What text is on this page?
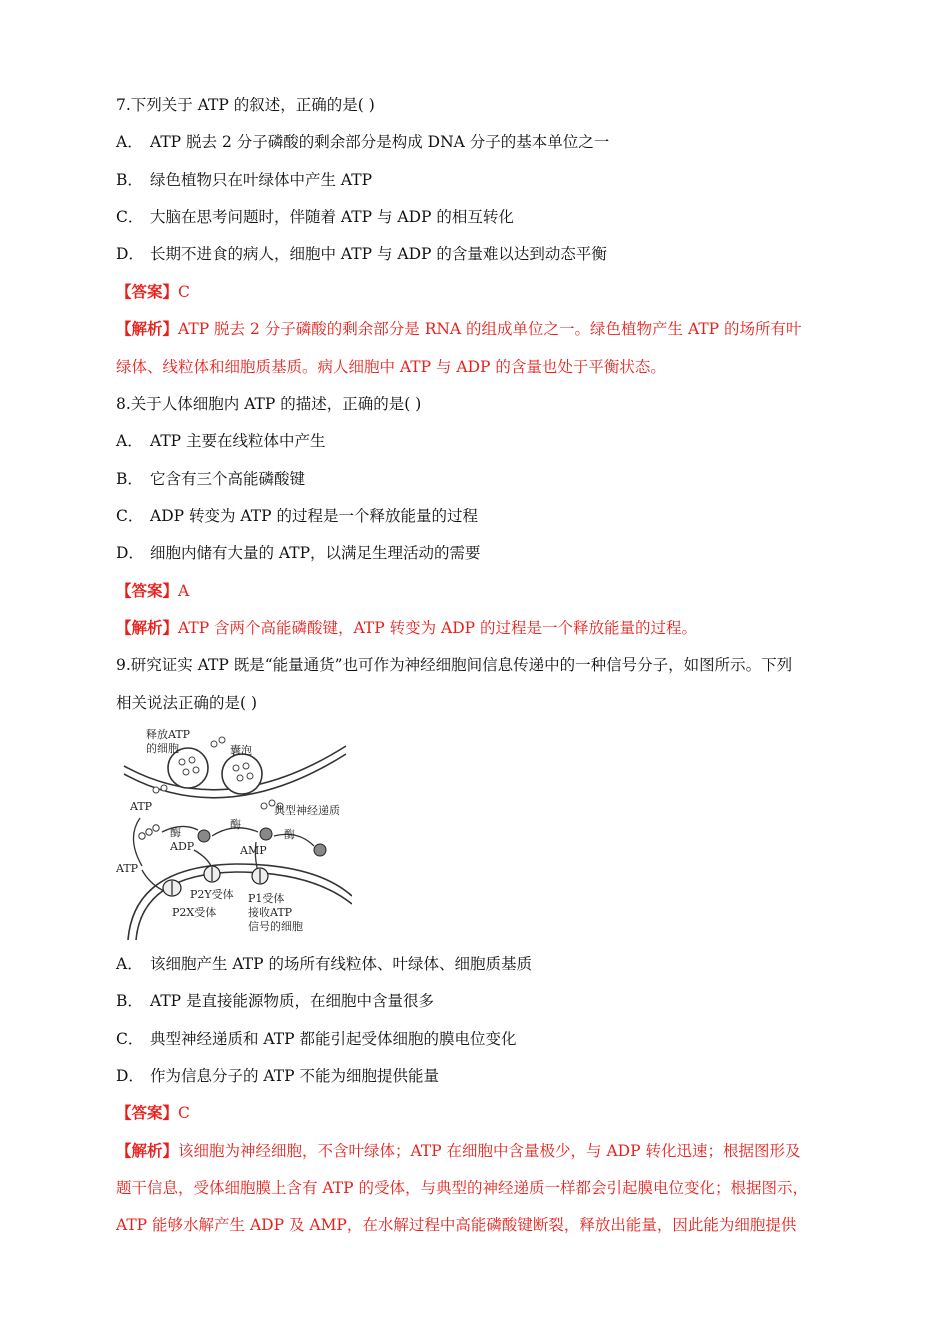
7.下列关于 ATP 的叙述，正确的是( )
A． ATP 脱去 2 分子磷酸的剩余部分是构成 DNA 分子的基本单位之一
B． 绿色植物只在叶绿体中产生 ATP
C． 大脑在思考问题时，伴随着 ATP 与 ADP 的相互转化
D． 长期不进食的病人，细胞中 ATP 与 ADP 的含量难以达到动态平衡
【答案】C
【解析】ATP 脱去 2 分子磷酸的剩余部分是 RNA 的组成单位之一。绿色植物产生 ATP 的场所有叶
绿体、线粒体和细胞质基质。病人细胞中 ATP 与 ADP 的含量也处于平衡状态。
8.关于人体细胞内 ATP 的描述，正确的是( )
A． ATP 主要在线粒体中产生
B． 它含有三个高能磷酸键
C． ADP 转变为 ATP 的过程是一个释放能量的过程
D． 细胞内储有大量的 ATP，以满足生理活动的需要
【答案】A
【解析】ATP 含两个高能磷酸键，ATP 转变为 ADP 的过程是一个释放能量的过程。
9.研究证实 ATP 既是“能量通货”也可作为神经细胞间信息传递中的一种信号分子，如图所示。下列
相关说法正确的是( )
释放ATP
的细胞	囊泡
ATP	典型神经递质
酶
酶
酶
ADP	AMP
ATP
P2Y受体
P2X受体
P1受体
接收ATP
信号的细胞
A． 该细胞产生 ATP 的场所有线粒体、叶绿体、细胞质基质
B． ATP 是直接能源物质，在细胞中含量很多
C． 典型神经递质和 ATP 都能引起受体细胞的膜电位变化
D． 作为信息分子的 ATP 不能为细胞提供能量
【答案】C
【解析】该细胞为神经细胞，不含叶绿体；ATP 在细胞中含量极少，与 ADP 转化迅速；根据图形及
题干信息，受体细胞膜上含有 ATP 的受体，与典型的神经递质一样都会引起膜电位变化；根据图示，
ATP 能够水解产生 ADP 及 AMP，在水解过程中高能磷酸键断裂，释放出能量，因此能为细胞提供
